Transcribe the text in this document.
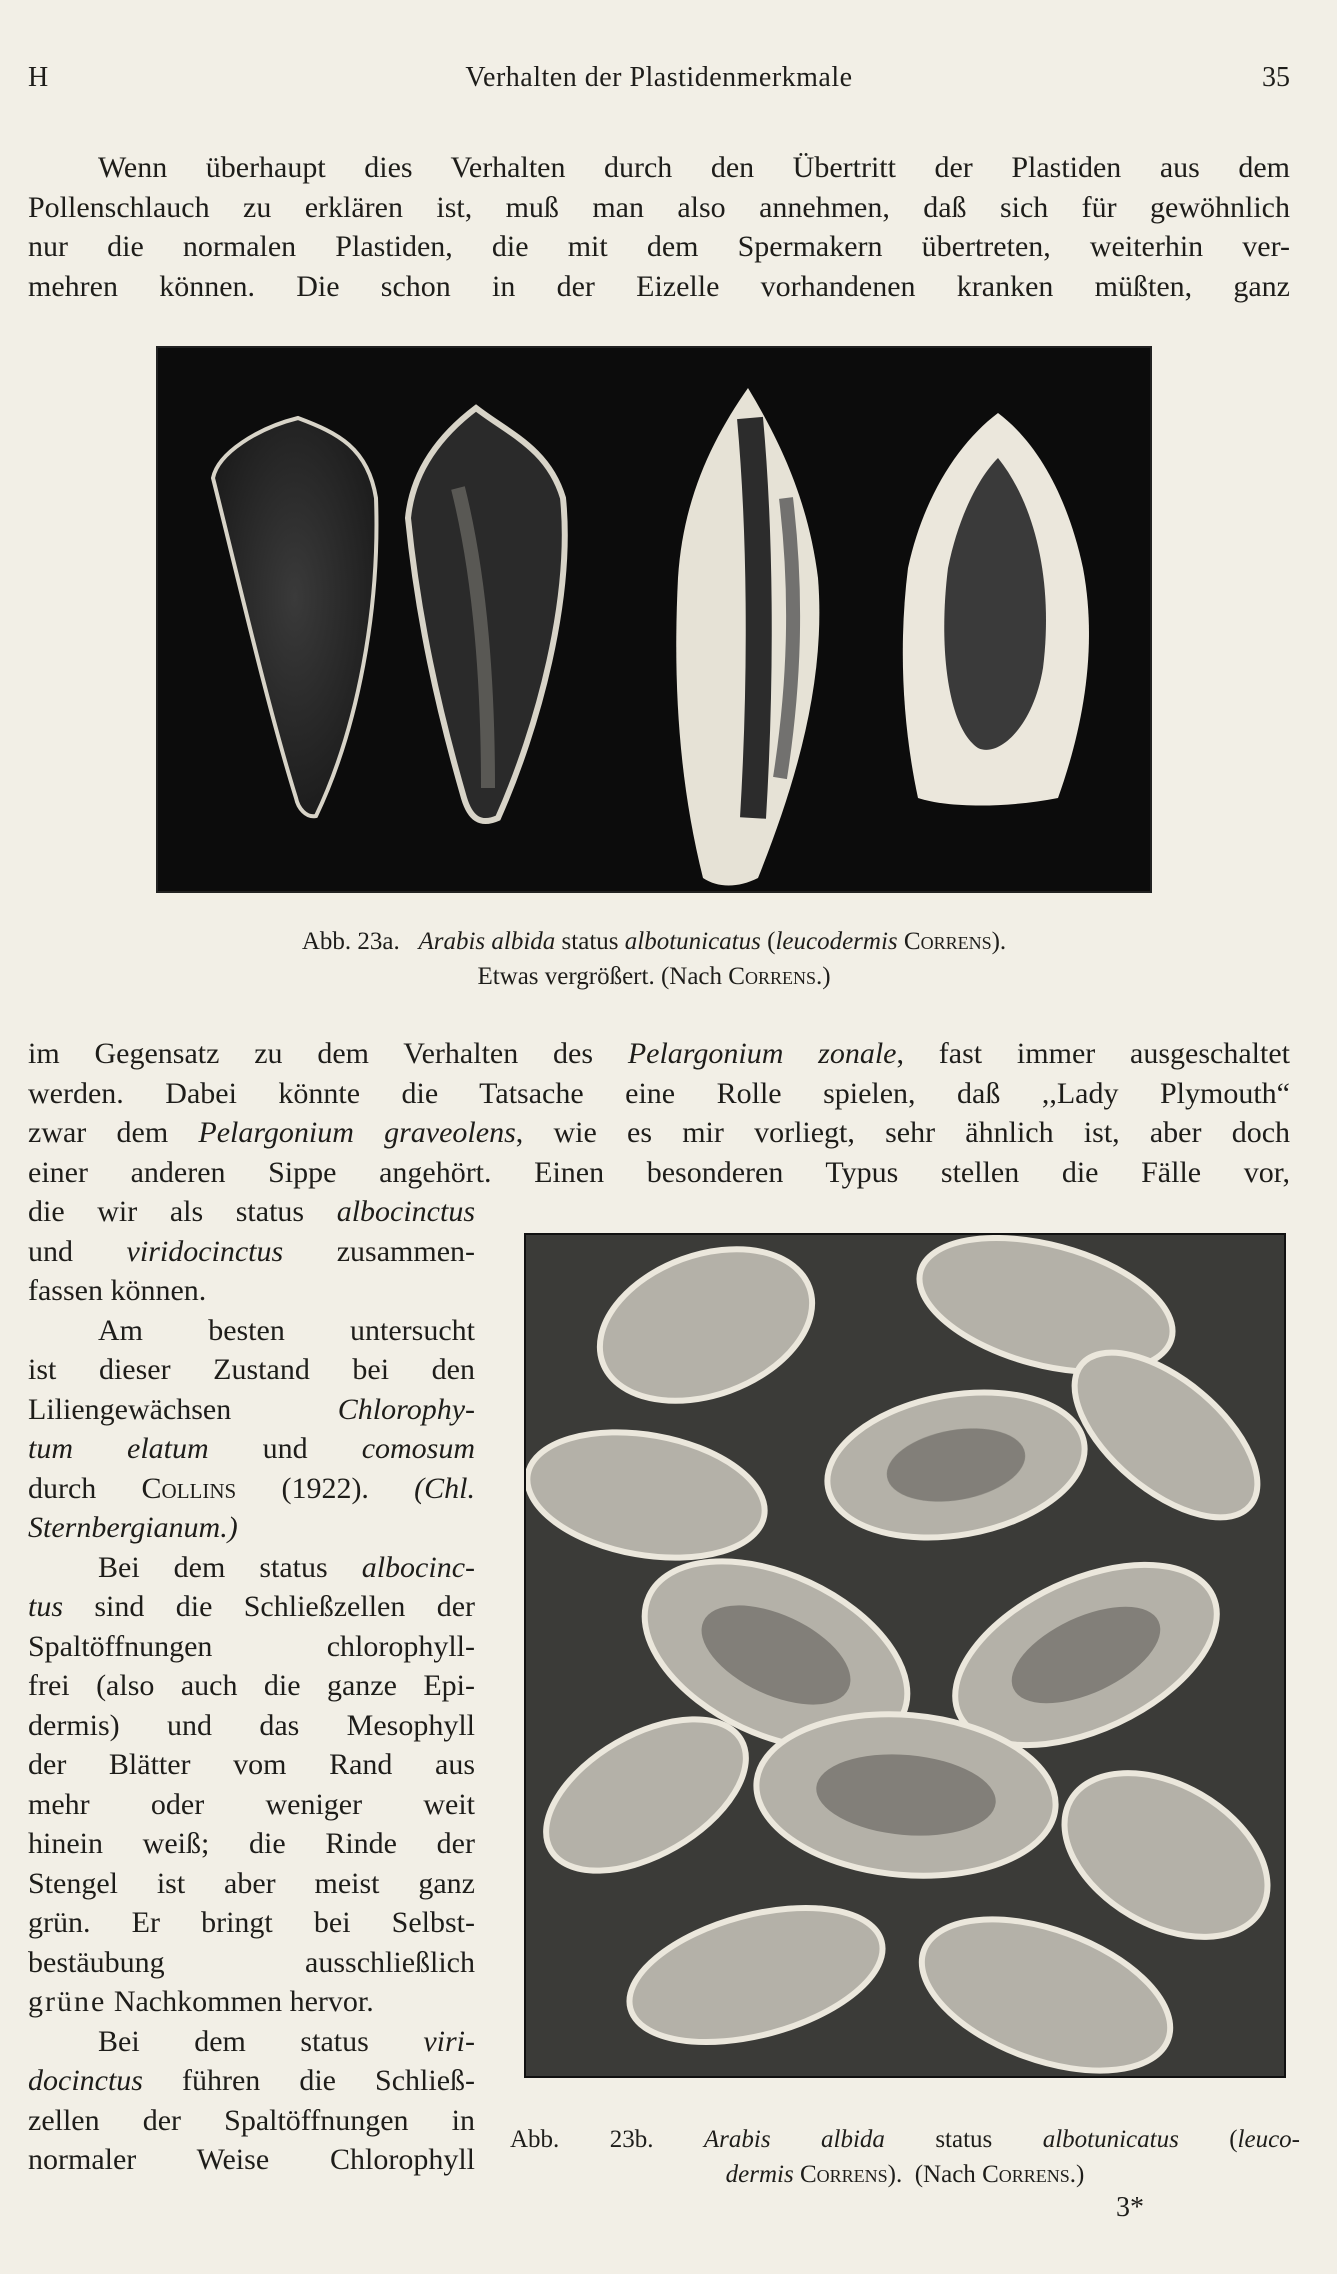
H	Verhalten der Plastidenmerkmale	35

Wenn überhaupt dies Verhalten durch den Übertritt der Plastiden aus dem
Pollenschlauch zu erklären ist, muß man also annehmen, daß sich für gewöhnlich
nur die normalen Plastiden, die mit dem Spermakern übertreten, weiterhin ver-
mehren können. Die schon in der Eizelle vorhandenen kranken müßten, ganz

Abb. 23a. Arabis albida status albotunicatus (leucodermis Correns).
Etwas vergrößert. (Nach Correns.)

im Gegensatz zu dem Verhalten des Pelargonium zonale, fast immer ausgeschaltet
werden. Dabei könnte die Tatsache eine Rolle spielen, daß ,,Lady Plymouth“
zwar dem Pelargonium graveolens, wie es mir vorliegt, sehr ähnlich ist, aber doch
einer anderen Sippe angehört. Einen besonderen Typus stellen die Fälle vor,

die wir als status albocinctus
und viridocinctus zusammen-
fassen können.
Am besten untersucht
ist dieser Zustand bei den
Liliengewächsen	Chlorophy-
tum elatum und comosum
durch Collins (1922). (Chl.
Sternbergianum.)
Bei dem status albocinc-
tus sind die Schließzellen der
Spaltöffnungen chlorophyll-
frei (also auch die ganze Epi-
dermis) und das Mesophyll
der Blätter vom Rand aus
mehr oder weniger weit
hinein weiß; die Rinde der
Stengel ist aber meist ganz
grün. Er bringt bei Selbst-
bestäubung ausschließlich
grüne Nachkommen hervor.
Bei dem status viri-
docinctus führen die Schließ-
zellen der Spaltöffnungen in
normaler Weise Chlorophyll
Abb. 23b. Arabis albida status albotunicatus (leuco-
dermis Correns).  (Nach Correns.)
3*
